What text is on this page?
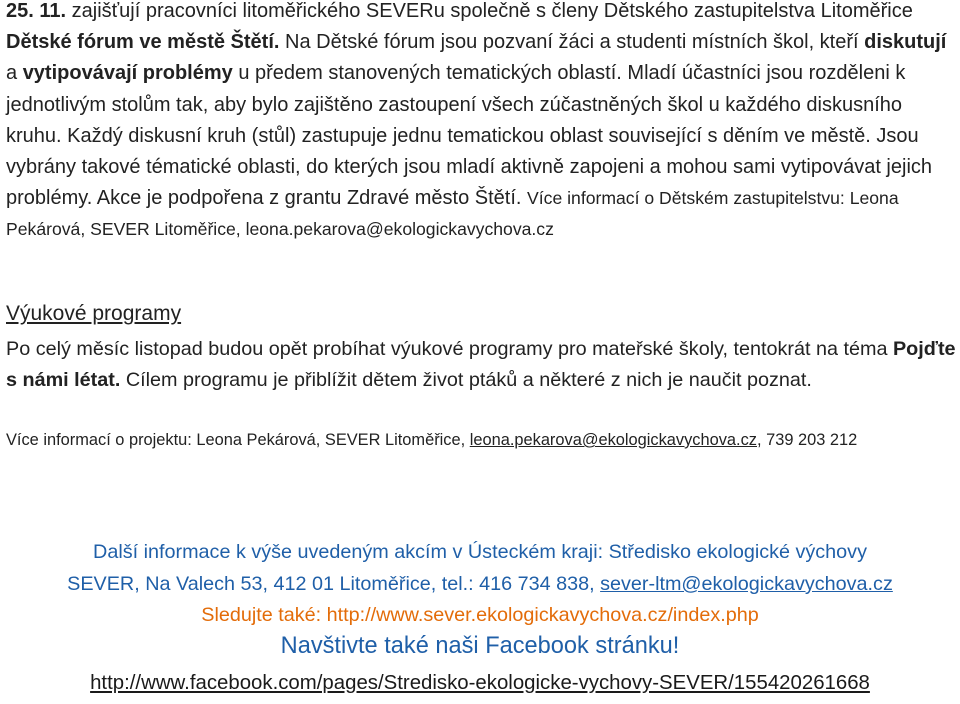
25. 11. zajišťují pracovníci litoměřického SEVERu společně s členy Dětského zastupitelstva Litoměřice Dětské fórum ve městě Štětí. Na Dětské fórum jsou pozvaní žáci a studenti místních škol, kteří diskutují a vytipovávají problémy u předem stanovených tematických oblastí. Mladí účastníci jsou rozděleni k jednotlivým stolům tak, aby bylo zajištěno zastoupení všech zúčastněných škol u každého diskusního kruhu. Každý diskusní kruh (stůl) zastupuje jednu tematickou oblast související s děním ve městě. Jsou vybrány takové tématické oblasti, do kterých jsou mladí aktivně zapojeni a mohou sami vytipovávat jejich problémy. Akce je podpořena z grantu Zdravé město Štětí. Více informací o Dětském zastupitelstvu: Leona Pekárová, SEVER Litoměřice, leona.pekarova@ekologickavychova.cz

Výukové programy

Po celý měsíc listopad budou opět probíhat výukové programy pro mateřské školy, tentokrát na téma Pojďte s námi létat. Cílem programu je přiblížit dětem život ptáků a některé z nich je naučit poznat.

Více informací o projektu: Leona Pekárová, SEVER Litoměřice, leona.pekarova@ekologickavychova.cz, 739 203 212

Další informace k výše uvedeným akcím v Ústeckém kraji: Středisko ekologické výchovy

SEVER, Na Valech 53, 412 01 Litoměřice, tel.: 416 734 838, sever-ltm@ekologickavychova.cz

Sledujte také: http://www.sever.ekologickavychova.cz/index.php

Navštivte také naši Facebook stránku!

http://www.facebook.com/pages/Stredisko-ekologicke-vychovy-SEVER/155420261668
